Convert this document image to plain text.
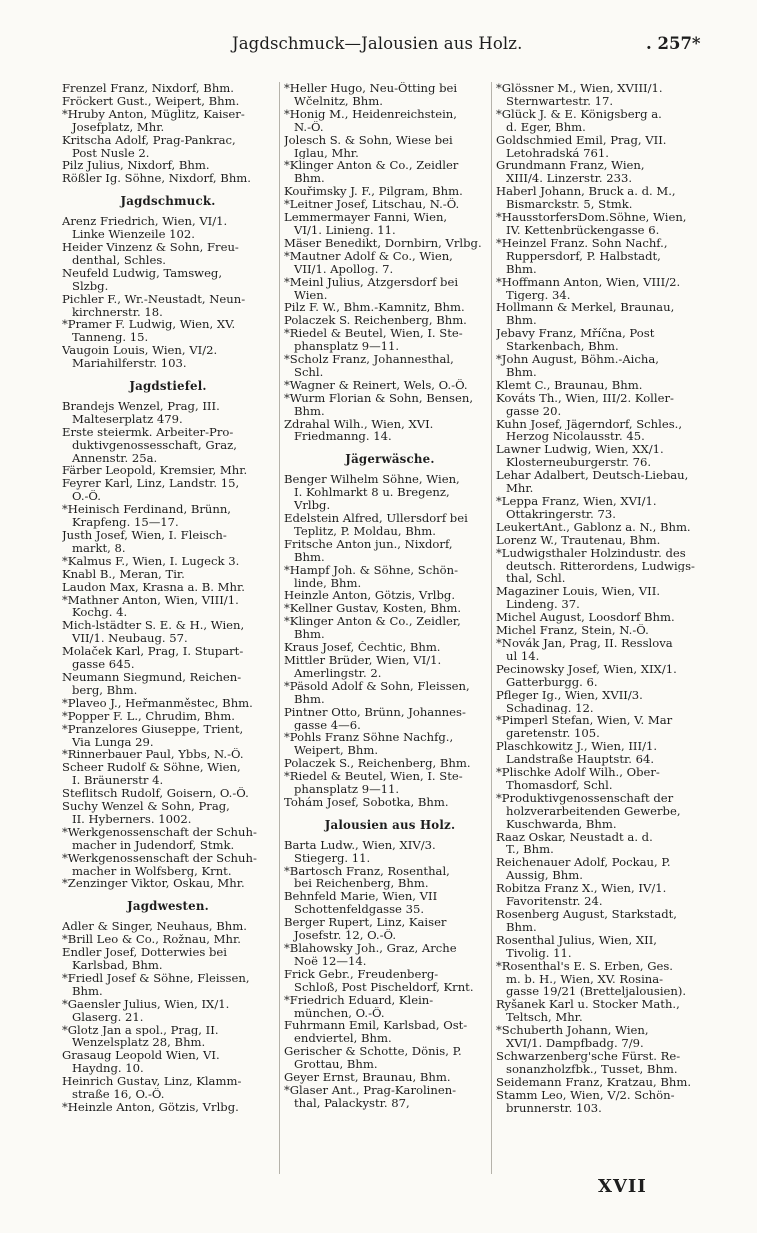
Jagdschmuck—Jalousien aus Holz.	. 257*
Frenzel Franz, Nixdorf, Bhm.
Fröckert Gust., Weipert, Bhm.
*Hruby Anton, Müglitz, Kaiser-
Josefplatz, Mhr.
Kritscha Adolf, Prag-Pankrac,
Post Nusle 2.
Pilz Julius, Nixdorf, Bhm.
Rößler Ig. Söhne, Nixdorf, Bhm.
Jagdschmuck.
Arenz Friedrich, Wien, VI/1.
Linke Wienzeile 102.
Heider Vinzenz & Sohn, Freu-
denthal, Schles.
Neufeld Ludwig, Tamsweg,
Slzbg.
Pichler F., Wr.-Neustadt, Neun-
kirchnerstr. 18.
*Pramer F. Ludwig, Wien, XV.
Tanneng. 15.
Vaugoin Louis, Wien, VI/2.
Mariahilferstr. 103.
Jagdstiefel.
Brandejs Wenzel, Prag, III.
Malteserplatz 479.
Erste steiermk. Arbeiter-Pro-
duktivgenossesschaft, Graz,
Annenstr. 25a.
Färber Leopold, Kremsier, Mhr.
Feyrer Karl, Linz, Landstr. 15,
O.-Ö.
*Heinisch Ferdinand, Brünn,
Krapfeng. 15—17.
Justh Josef, Wien, I. Fleisch-
markt, 8.
*Kalmus F., Wien, I. Lugeck 3.
Knabl B., Meran, Tir.
Laudon Max, Krasna a. B. Mhr.
*Mathner Anton, Wien, VIII/1.
Kochg. 4.
Mich-lstädter S. E. & H., Wien,
VII/1. Neubaug. 57.
Molaček Karl, Prag, I. Stupart-
gasse 645.
Neumann Siegmund, Reichen-
berg, Bhm.
*Plaveo J., Heřmanměstec, Bhm.
*Popper F. L., Chrudim, Bhm.
*Pranzelores Giuseppe, Trient,
Via Lunga 29.
*Rinnerbauer Paul, Ybbs, N.-Ö.
Scheer Rudolf & Söhne, Wien,
I. Bräunerstr 4.
Steflitsch Rudolf, Goisern, O.-Ö.
Suchy Wenzel & Sohn, Prag,
II. Hyberners. 1002.
*Werkgenossenschaft der Schuh-
macher in Judendorf, Stmk.
*Werkgenossenschaft der Schuh-
macher in Wolfsberg, Krnt.
*Zenzinger Viktor, Oskau, Mhr.
Jagdwesten.
Adler & Singer, Neuhaus, Bhm.
*Brill Leo & Co., Rožnau, Mhr.
Endler Josef, Dotterwies bei
Karlsbad, Bhm.
*Friedl Josef & Söhne, Fleissen,
Bhm.
*Gaensler Julius, Wien, IX/1.
Glaserg. 21.
*Glotz Jan a spol., Prag, II.
Wenzelsplatz 28, Bhm.
Grasaug Leopold Wien, VI.
Haydng. 10.
Heinrich Gustav, Linz, Klamm-
straße 16, O.-Ö.
*Heinzle Anton, Götzis, Vrlbg.
*Heller Hugo, Neu-Ötting bei
Wčelnitz, Bhm.
*Honig M., Heidenreichstein,
N.-Ö.
Jolesch S. & Sohn, Wiese bei
Iglau, Mhr.
*Klinger Anton & Co., Zeidler
Bhm.
Kouřimsky J. F., Pilgram, Bhm.
*Leitner Josef, Litschau, N.-Ö.
Lemmermayer Fanni, Wien,
VI/1. Linieng. 11.
Mäser Benedikt, Dornbirn, Vrlbg.
*Mautner Adolf & Co., Wien,
VII/1. Apollog. 7.
*Meinl Julius, Atzgersdorf bei
Wien.
Pilz F. W., Bhm.-Kamnitz, Bhm.
Polaczek S. Reichenberg, Bhm.
*Riedel & Beutel, Wien, I. Ste-
phansplatz 9—11.
*Scholz Franz, Johannesthal,
Schl.
*Wagner & Reinert, Wels, O.-Ö.
*Wurm Florian & Sohn, Bensen,
Bhm.
Zdrahal Wilh., Wien, XVI.
Friedmanng. 14.
Jägerwäsche.
Benger Wilhelm Söhne, Wien,
I. Kohlmarkt 8 u. Bregenz,
Vrlbg.
Edelstein Alfred, Ullersdorf bei
Teplitz, P. Moldau, Bhm.
Fritsche Anton jun., Nixdorf,
Bhm.
*Hampf Joh. & Söhne, Schön-
linde, Bhm.
Heinzle Anton, Götzis, Vrlbg.
*Kellner Gustav, Kosten, Bhm.
*Klinger Anton & Co., Zeidler,
Bhm.
Kraus Josef, Čechtic, Bhm.
Mittler Brüder, Wien, VI/1.
Amerlingstr. 2.
*Päsold Adolf & Sohn, Fleissen,
Bhm.
Pintner Otto, Brünn, Johannes-
gasse 4—6.
*Pohls Franz Söhne Nachfg.,
Weipert, Bhm.
Polaczek S., Reichenberg, Bhm.
*Riedel & Beutel, Wien, I. Ste-
phansplatz 9—11.
Tohám Josef, Sobotka, Bhm.
Jalousien aus Holz.
Barta Ludw., Wien, XIV/3.
Stiegerg. 11.
*Bartosch Franz, Rosenthal,
bei Reichenberg, Bhm.
Behnfeld Marie, Wien, VII
Schottenfeldgasse 35.
Berger Rupert, Linz, Kaiser
Josefstr. 12, O.-Ö.
*Blahowsky Joh., Graz, Arche
Noë 12—14.
Frick Gebr., Freudenberg-
Schloß, Post Pischeldorf, Krnt.
*Friedrich Eduard, Klein-
münchen, O.-Ö.
Fuhrmann Emil, Karlsbad, Ost-
endviertel, Bhm.
Gerischer & Schotte, Dönis, P.
Grottau, Bhm.
Geyer Ernst, Braunau, Bhm.
*Glaser Ant., Prag-Karolinen-
thal, Palackystr. 87,
*Glössner M., Wien, XVIII/1.
Sternwartestr. 17.
*Glück J. & E. Königsberg a.
d. Eger, Bhm.
Goldschmied Emil, Prag, VII.
Letohradská 761.
Grundmann Franz, Wien,
XIII/4. Linzerstr. 233.
Haberl Johann, Bruck a. d. M.,
Bismarckstr. 5, Stmk.
*HausstorfersDom.Söhne, Wien,
IV. Kettenbrückengasse 6.
*Heinzel Franz. Sohn Nachf.,
Ruppersdorf, P. Halbstadt,
Bhm.
*Hoffmann Anton, Wien, VIII/2.
Tigerg. 34.
Hollmann & Merkel, Braunau,
Bhm.
Jebavy Franz, Mříčna, Post
Starkenbach, Bhm.
*John August, Böhm.-Aicha,
Bhm.
Klemt C., Braunau, Bhm.
Kováts Th., Wien, III/2. Koller-
gasse 20.
Kuhn Josef, Jägerndorf, Schles.,
Herzog Nicolausstr. 45.
Lawner Ludwig, Wien, XX/1.
Klosterneuburgerstr. 76.
Lehar Adalbert, Deutsch-Liebau,
Mhr.
*Leppa Franz, Wien, XVI/1.
Ottakringerstr. 73.
LeukertAnt., Gablonz a. N., Bhm.
Lorenz W., Trautenau, Bhm.
*Ludwigsthaler Holzindustr. des
deutsch. Ritterordens, Ludwigs-
thal, Schl.
Magaziner Louis, Wien, VII.
Lindeng. 37.
Michel August, Loosdorf Bhm.
Michel Franz, Stein, N.-Ö.
*Novák Jan, Prag, II. Resslova
ul 14.
Pecinowsky Josef, Wien, XIX/1.
Gatterburgg. 6.
Pfleger Ig., Wien, XVII/3.
Schadinag. 12.
*Pimperl Stefan, Wien, V. Mar
garetenstr. 105.
Plaschkowitz J., Wien, III/1.
Landstraße Hauptstr. 64.
*Plischke Adolf Wilh., Ober-
Thomasdorf, Schl.
*Produktivgenossenschaft der
holzverarbeitenden Gewerbe,
Kuschwarda, Bhm.
Raaz Oskar, Neustadt a. d.
T., Bhm.
Reichenauer Adolf, Pockau, P.
Aussig, Bhm.
Robitza Franz X., Wien, IV/1.
Favoritenstr. 24.
Rosenberg August, Starkstadt,
Bhm.
Rosenthal Julius, Wien, XII,
Tivolig. 11.
*Rosenthal's E. S. Erben, Ges.
m. b. H., Wien, XV. Rosina-
gasse 19/21 (Bretteljalousien).
Ryšanek Karl u. Stocker Math.,
Teltsch, Mhr.
*Schuberth Johann, Wien,
XVI/1. Dampfbadg. 7/9.
Schwarzenberg'sche Fürst. Re-
sonanzholzfbk., Tusset, Bhm.
Seidemann Franz, Kratzau, Bhm.
Stamm Leo, Wien, V/2. Schön-
brunnerstr. 103.
XVII
